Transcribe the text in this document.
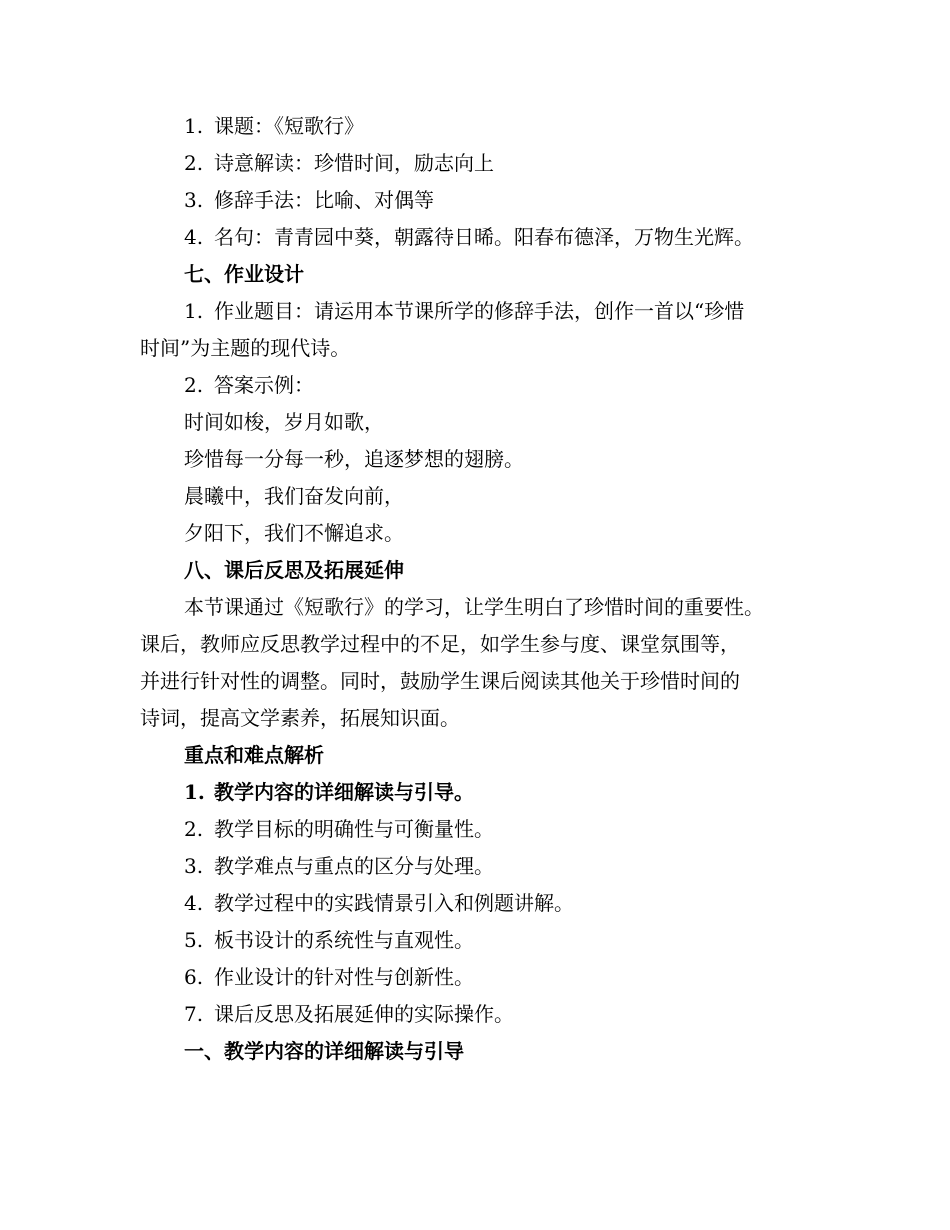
1. 课题：《短歌行》

2. 诗意解读：珍惜时间，励志向上

3. 修辞手法：比喻、对偶等

4. 名句：青青园中葵，朝露待日晞。阳春布德泽，万物生光辉。

七、作业设计

1. 作业题目：请运用本节课所学的修辞手法，创作一首以“珍惜

时间”为主题的现代诗。

2. 答案示例：

时间如梭，岁月如歌，

珍惜每一分每一秒，追逐梦想的翅膀。

晨曦中，我们奋发向前，

夕阳下，我们不懈追求。

八、课后反思及拓展延伸

本节课通过《短歌行》的学习，让学生明白了珍惜时间的重要性。

课后，教师应反思教学过程中的不足，如学生参与度、课堂氛围等，

并进行针对性的调整。同时，鼓励学生课后阅读其他关于珍惜时间的

诗词，提高文学素养，拓展知识面。

重点和难点解析

1. 教学内容的详细解读与引导。

2. 教学目标的明确性与可衡量性。

3. 教学难点与重点的区分与处理。

4. 教学过程中的实践情景引入和例题讲解。

5. 板书设计的系统性与直观性。

6. 作业设计的针对性与创新性。

7. 课后反思及拓展延伸的实际操作。

一、教学内容的详细解读与引导
